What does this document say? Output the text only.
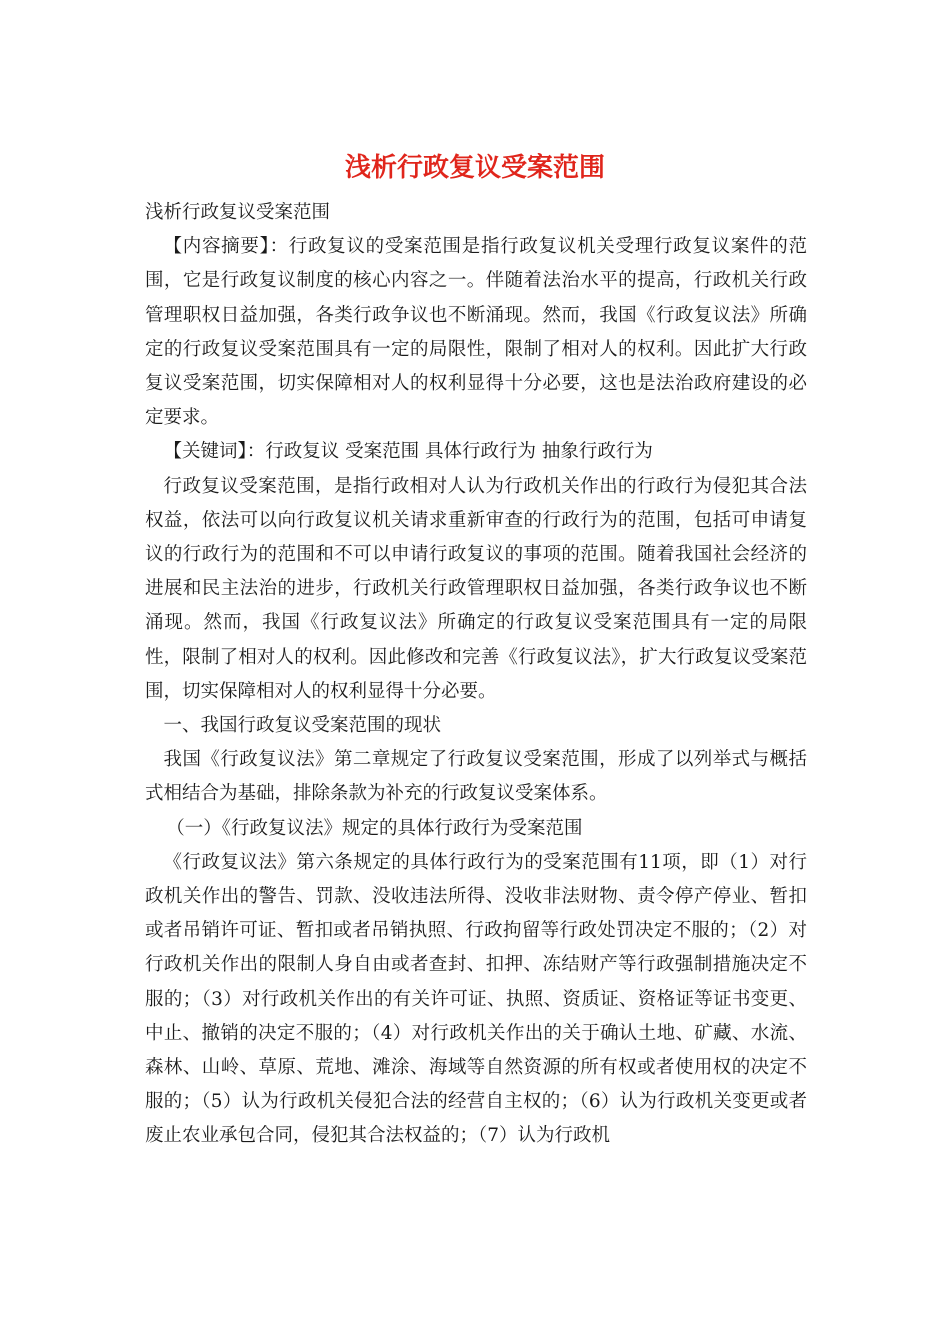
浅析行政复议受案范围

浅析行政复议受案范围

【内容摘要】：行政复议的受案范围是指行政复议机关受理行政复议案件的范围，它是行政复议制度的核心内容之一。伴随着法治水平的提高，行政机关行政管理职权日益加强，各类行政争议也不断涌现。然而，我国《行政复议法》所确定的行政复议受案范围具有一定的局限性，限制了相对人的权利。因此扩大行政复议受案范围，切实保障相对人的权利显得十分必要，这也是法治政府建设的必定要求。

【关键词】：行政复议 受案范围 具体行政行为 抽象行政行为

行政复议受案范围，是指行政相对人认为行政机关作出的行政行为侵犯其合法权益，依法可以向行政复议机关请求重新审查的行政行为的范围，包括可申请复议的行政行为的范围和不可以申请行政复议的事项的范围。随着我国社会经济的进展和民主法治的进步，行政机关行政管理职权日益加强，各类行政争议也不断涌现。然而，我国《行政复议法》所确定的行政复议受案范围具有一定的局限性，限制了相对人的权利。因此修改和完善《行政复议法》，扩大行政复议受案范围，切实保障相对人的权利显得十分必要。

一、我国行政复议受案范围的现状

我国《行政复议法》第二章规定了行政复议受案范围，形成了以列举式与概括式相结合为基础，排除条款为补充的行政复议受案体系。

（一）《行政复议法》规定的具体行政行为受案范围

《行政复议法》第六条规定的具体行政行为的受案范围有11项，即（1）对行政机关作出的警告、罚款、没收违法所得、没收非法财物、责令停产停业、暂扣或者吊销许可证、暂扣或者吊销执照、行政拘留等行政处罚决定不服的；（2）对行政机关作出的限制人身自由或者查封、扣押、冻结财产等行政强制措施决定不服的；（3）对行政机关作出的有关许可证、执照、资质证、资格证等证书变更、中止、撤销的决定不服的；（4）对行政机关作出的关于确认土地、矿藏、水流、森林、山岭、草原、荒地、滩涂、海域等自然资源的所有权或者使用权的决定不服的；（5）认为行政机关侵犯合法的经营自主权的；（6）认为行政机关变更或者废止农业承包合同，侵犯其合法权益的；（7）认为行政机
